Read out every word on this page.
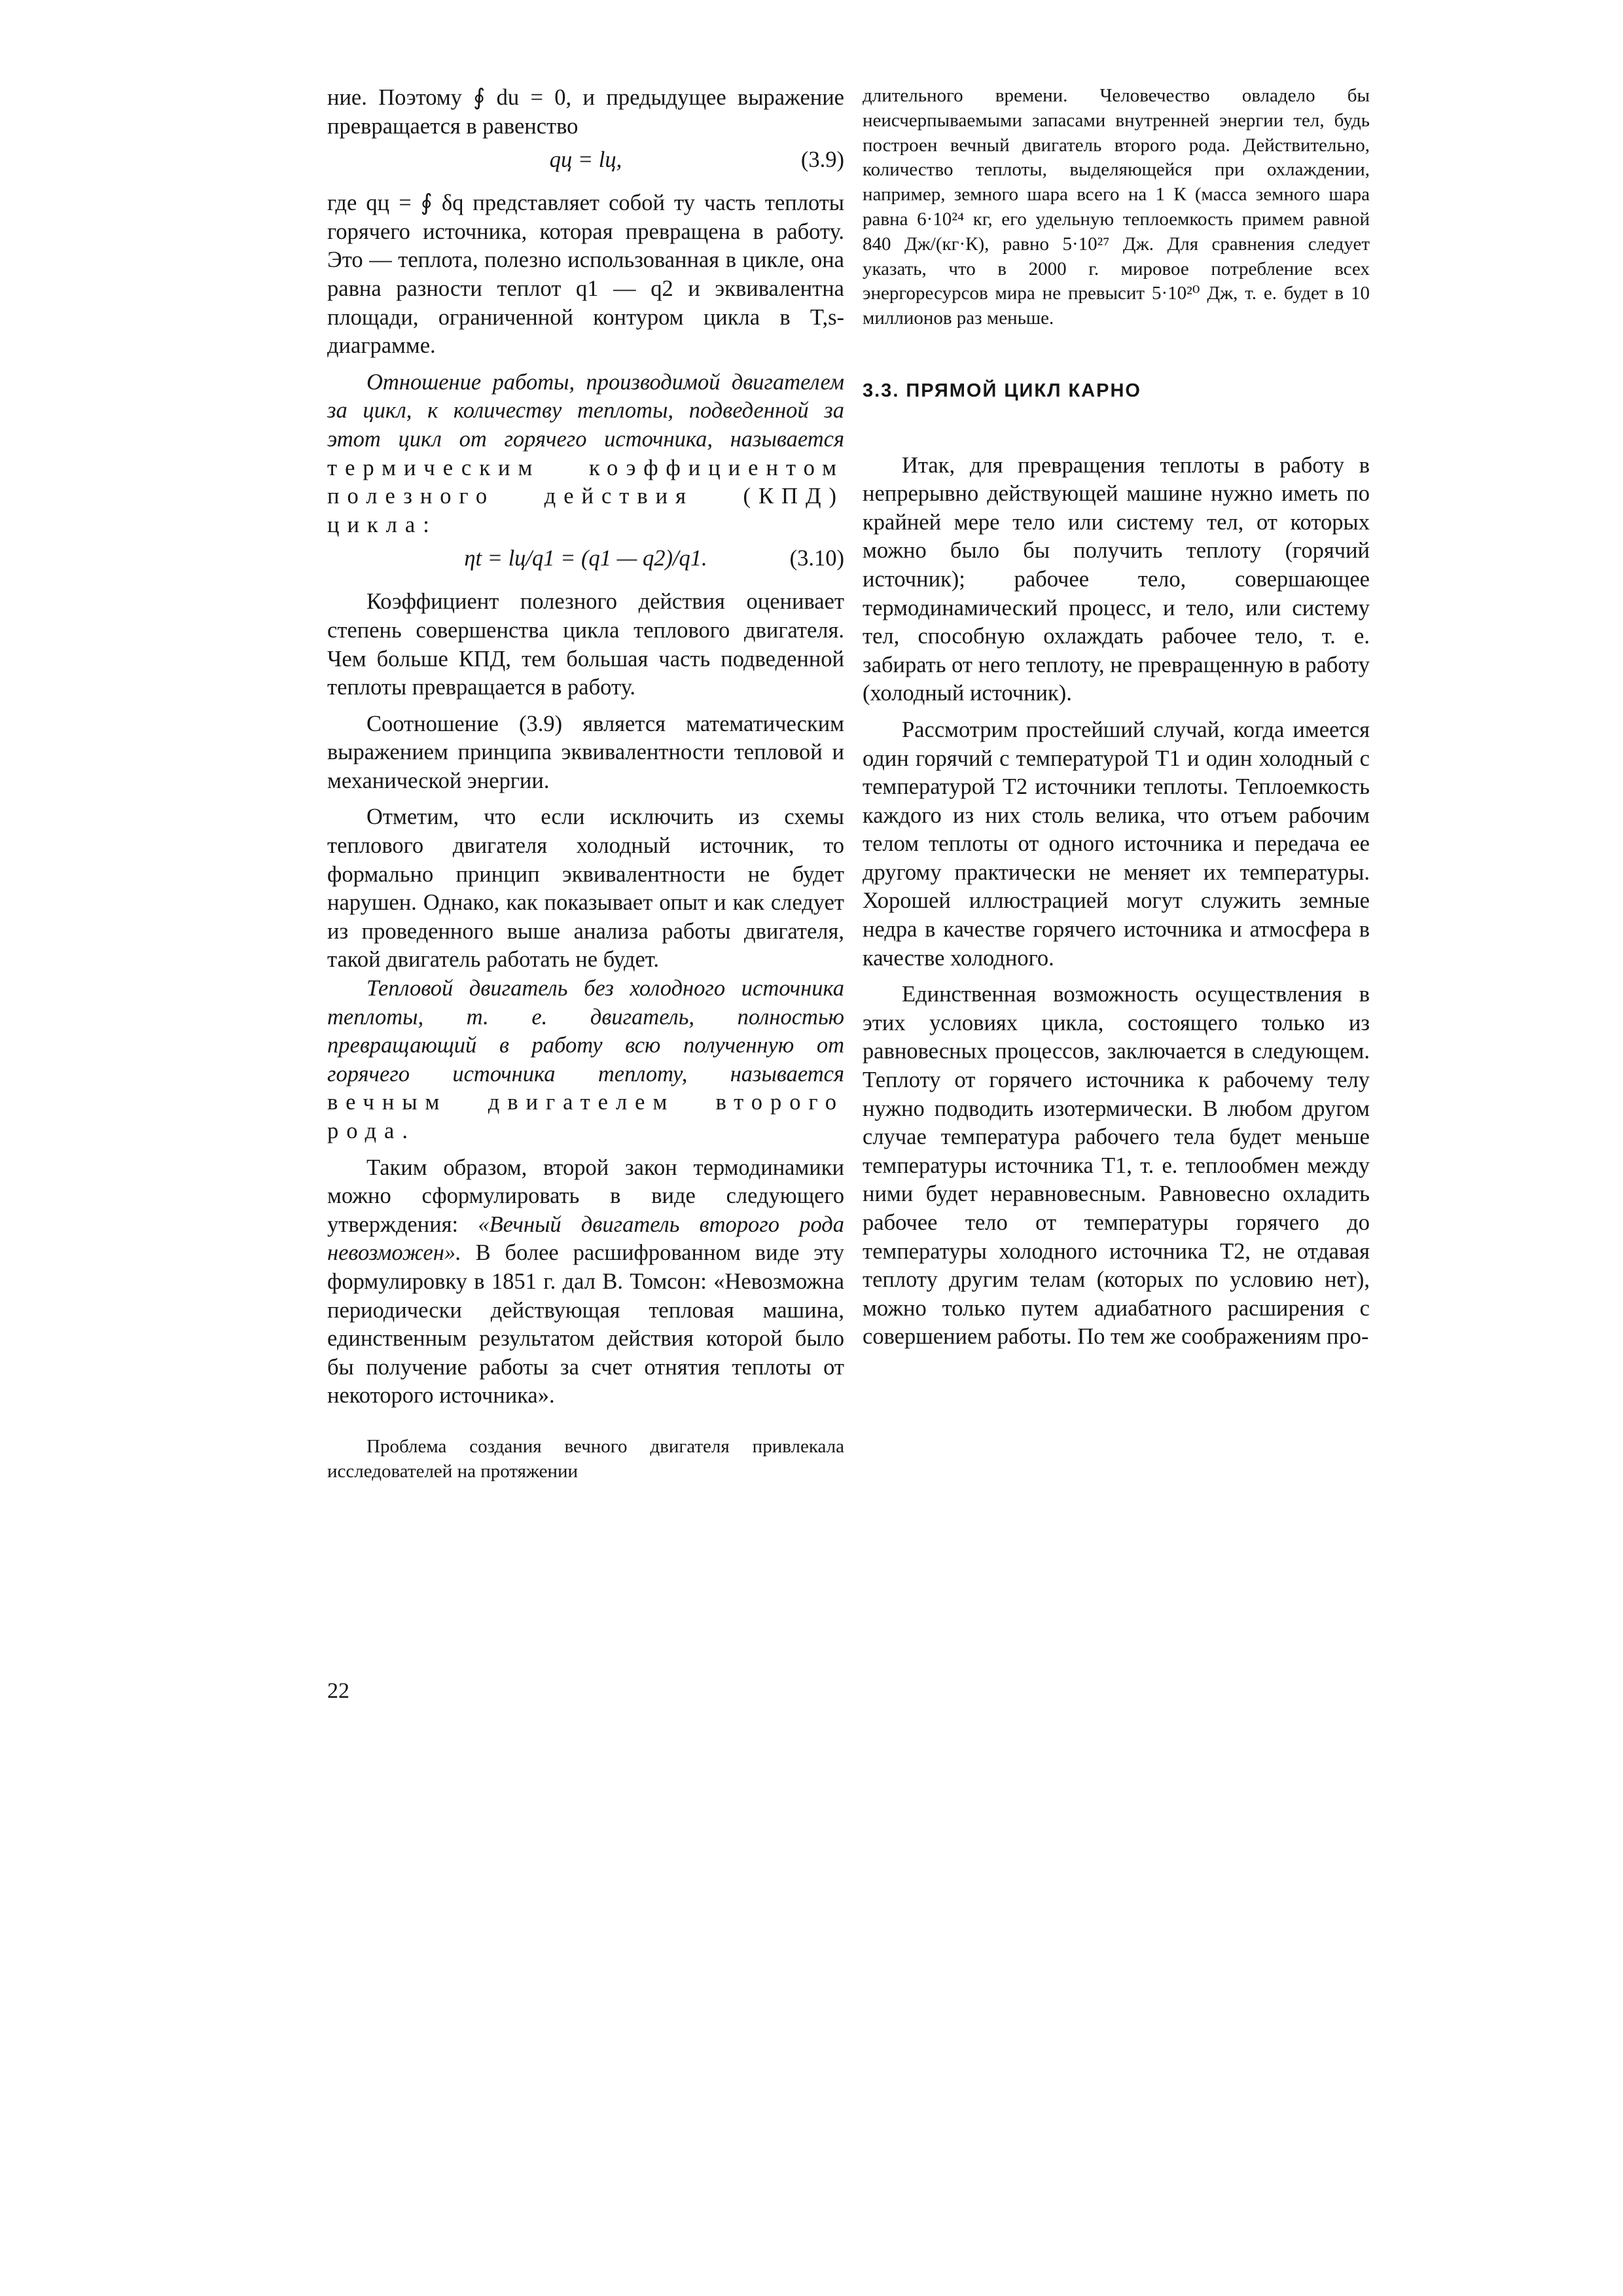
ние. Поэтому ∮ du = 0, и предыдущее выражение превращается в равенство

qц = lц,	(3.9)

где qц = ∮ δq представляет собой ту часть теплоты горячего источника, которая превращена в работу. Это — теплота, полезно использованная в цикле, она равна разности теплот q1 — q2 и эквивалентна площади, ограниченной контуром цикла в T,s-диаграмме.

Отношение работы, производимой двигателем за цикл, к количеству теплоты, подведенной за этот цикл от горячего источника, называется термическим коэффициентом полезного действия (КПД) цикла:

ηt = lц/q1 = (q1 — q2)/q1.	(3.10)

Коэффициент полезного действия оценивает степень совершенства цикла теплового двигателя. Чем больше КПД, тем большая часть подведенной теплоты превращается в работу.

Соотношение (3.9) является математическим выражением принципа эквивалентности тепловой и механической энергии.

Отметим, что если исключить из схемы теплового двигателя холодный источник, то формально принцип эквивалентности не будет нарушен. Однако, как показывает опыт и как следует из проведенного выше анализа работы двигателя, такой двигатель работать не будет.

Тепловой двигатель без холодного источника теплоты, т. е. двигатель, полностью превращающий в работу всю полученную от горячего источника теплоту, называется вечным двигателем второго рода.

Таким образом, второй закон термодинамики можно сформулировать в виде следующего утверждения: «Вечный двигатель второго рода невозможен». В более расшифрованном виде эту формулировку в 1851 г. дал В. Томсон: «Невозможна периодически действующая тепловая машина, единственным результатом действия которой было бы получение работы за счет отнятия теплоты от некоторого источника».

Проблема создания вечного двигателя привлекала исследователей на протяжении

22

длительного времени. Человечество овладело бы неисчерпываемыми запасами внутренней энергии тел, будь построен вечный двигатель второго рода. Действительно, количество теплоты, выделяющейся при охлаждении, например, земного шара всего на 1 К (масса земного шара равна 6·10²⁴ кг, его удельную теплоемкость примем равной 840 Дж/(кг·К), равно 5·10²⁷ Дж. Для сравнения следует указать, что в 2000 г. мировое потребление всех энергоресурсов мира не превысит 5·10²⁰ Дж, т. е. будет в 10 миллионов раз меньше.

3.3. ПРЯМОЙ ЦИКЛ КАРНО

Итак, для превращения теплоты в работу в непрерывно действующей машине нужно иметь по крайней мере тело или систему тел, от которых можно было бы получить теплоту (горячий источник); рабочее тело, совершающее термодинамический процесс, и тело, или систему тел, способную охлаждать рабочее тело, т. е. забирать от него теплоту, не превращенную в работу (холодный источник).

Рассмотрим простейший случай, когда имеется один горячий с температурой T1 и один холодный с температурой T2 источники теплоты. Теплоемкость каждого из них столь велика, что отъем рабочим телом теплоты от одного источника и передача ее другому практически не меняет их температуры. Хорошей иллюстрацией могут служить земные недра в качестве горячего источника и атмосфера в качестве холодного.

Единственная возможность осуществления в этих условиях цикла, состоящего только из равновесных процессов, заключается в следующем. Теплоту от горячего источника к рабочему телу нужно подводить изотермически. В любом другом случае температура рабочего тела будет меньше температуры источника T1, т. е. теплообмен между ними будет неравновесным. Равновесно охладить рабочее тело от температуры горячего до температуры холодного источника T2, не отдавая теплоту другим телам (которых по условию нет), можно только путем адиабатного расширения с совершением работы. По тем же соображениям про-
